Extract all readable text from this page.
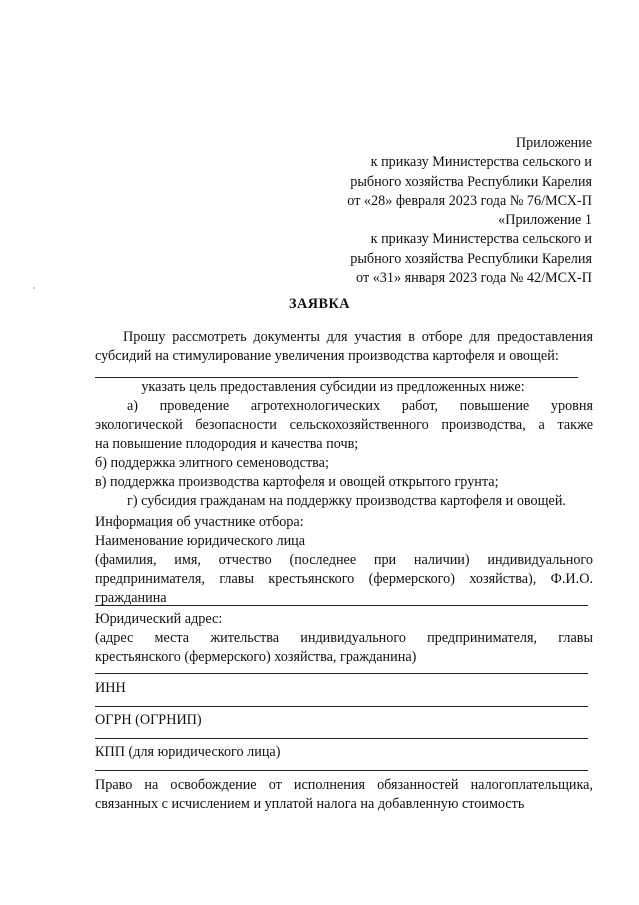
Приложение
к приказу Министерства сельского и
рыбного хозяйства Республики Карелия
от «28» февраля 2023 года № 76/МСХ-П
«Приложение 1
к приказу Министерства сельского и
рыбного хозяйства Республики Карелия
от «31» января 2023 года № 42/МСХ-П
ЗАЯВКА
Прошу рассмотреть документы для участия в отборе для предоставления
субсидий на стимулирование увеличения производства картофеля и овощей:
указать цель предоставления субсидии из предложенных ниже:
а) проведение агротехнологических работ, повышение уровня
экологической безопасности сельскохозяйственного производства, а также
на повышение плодородия и качества почв;
б) поддержка элитного семеноводства;
в) поддержка производства картофеля и овощей открытого грунта;
г) субсидия гражданам на поддержку производства картофеля и овощей.
Информация об участнике отбора:
Наименование юридического лица
(фамилия, имя, отчество (последнее при наличии) индивидуального
предпринимателя, главы крестьянского (фермерского) хозяйства), Ф.И.О.
гражданина
Юридический адрес:
(адрес места жительства индивидуального предпринимателя, главы
крестьянского (фермерского) хозяйства, гражданина)
ИНН
ОГРН (ОГРНИП)
КПП (для юридического лица)
Право на освобождение от исполнения обязанностей налогоплательщика,
связанных с исчислением и уплатой налога на добавленную стоимость
